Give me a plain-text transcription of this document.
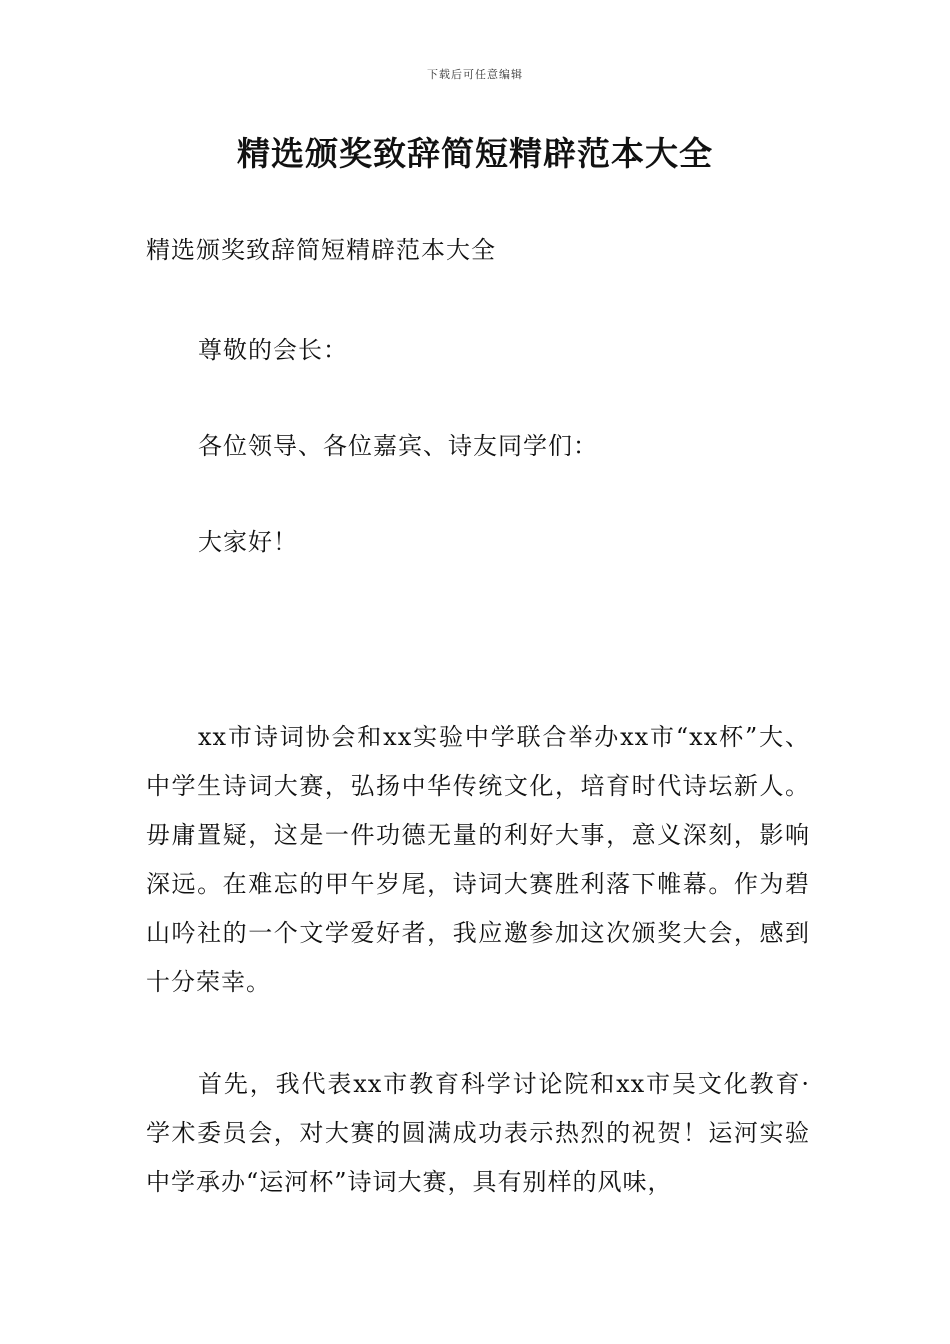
下载后可任意编辑
精选颁奖致辞简短精辟范本大全

精选颁奖致辞简短精辟范本大全

尊敬的会长：

各位领导、各位嘉宾、诗友同学们：

大家好！

xx市诗词协会和xx实验中学联合举办xx市“xx杯”大、中学生诗词大赛，弘扬中华传统文化，培育时代诗坛新人。毋庸置疑，这是一件功德无量的利好大事，意义深刻，影响深远。在难忘的甲午岁尾，诗词大赛胜利落下帷幕。作为碧山吟社的一个文学爱好者，我应邀参加这次颁奖大会，感到十分荣幸。

首先，我代表xx市教育科学讨论院和xx市吴文化教育·学术委员会，对大赛的圆满成功表示热烈的祝贺！运河实验中学承办“运河杯”诗词大赛，具有别样的风味，
